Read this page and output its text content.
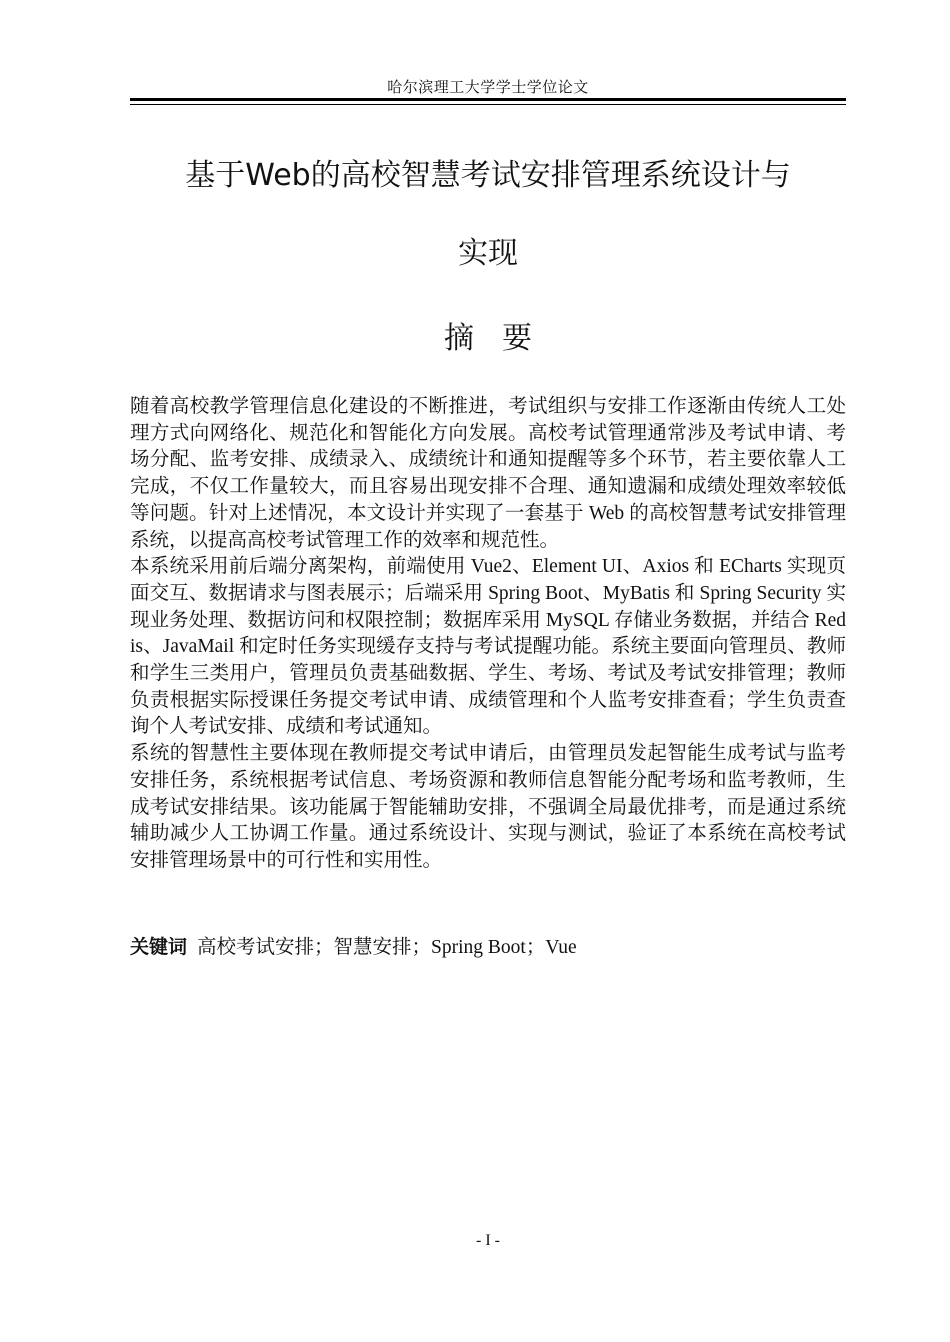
哈尔滨理工大学学士学位论文
基于Web的高校智慧考试安排管理系统设计与
实现
摘要

随着高校教学管理信息化建设的不断推进，考试组织与安排工作逐渐由传统人工处理方式向网络化、规范化和智能化方向发展。高校考试管理通常涉及考试申请、考场分配、监考安排、成绩录入、成绩统计和通知提醒等多个环节，若主要依靠人工完成，不仅工作量较大，而且容易出现安排不合理、通知遗漏和成绩处理效率较低等问题。针对上述情况，本文设计并实现了一套基于 Web 的高校智慧考试安排管理系统，以提高高校考试管理工作的效率和规范性。

本系统采用前后端分离架构，前端使用 Vue2、Element UI、Axios 和 ECharts 实现页面交互、数据请求与图表展示；后端采用 Spring Boot、MyBatis 和 Spring Security 实现业务处理、数据访问和权限控制；数据库采用 MySQL 存储业务数据，并结合 Redis、JavaMail 和定时任务实现缓存支持与考试提醒功能。系统主要面向管理员、教师和学生三类用户，管理员负责基础数据、学生、考场、考试及考试安排管理；教师负责根据实际授课任务提交考试申请、成绩管理和个人监考安排查看；学生负责查询个人考试安排、成绩和考试通知。

系统的智慧性主要体现在教师提交考试申请后，由管理员发起智能生成考试与监考安排任务，系统根据考试信息、考场资源和教师信息智能分配考场和监考教师，生成考试安排结果。该功能属于智能辅助安排，不强调全局最优排考，而是通过系统辅助减少人工协调工作量。通过系统设计、实现与测试，验证了本系统在高校考试安排管理场景中的可行性和实用性。

关键词 高校考试安排；智慧安排；Spring Boot；Vue
- I -
